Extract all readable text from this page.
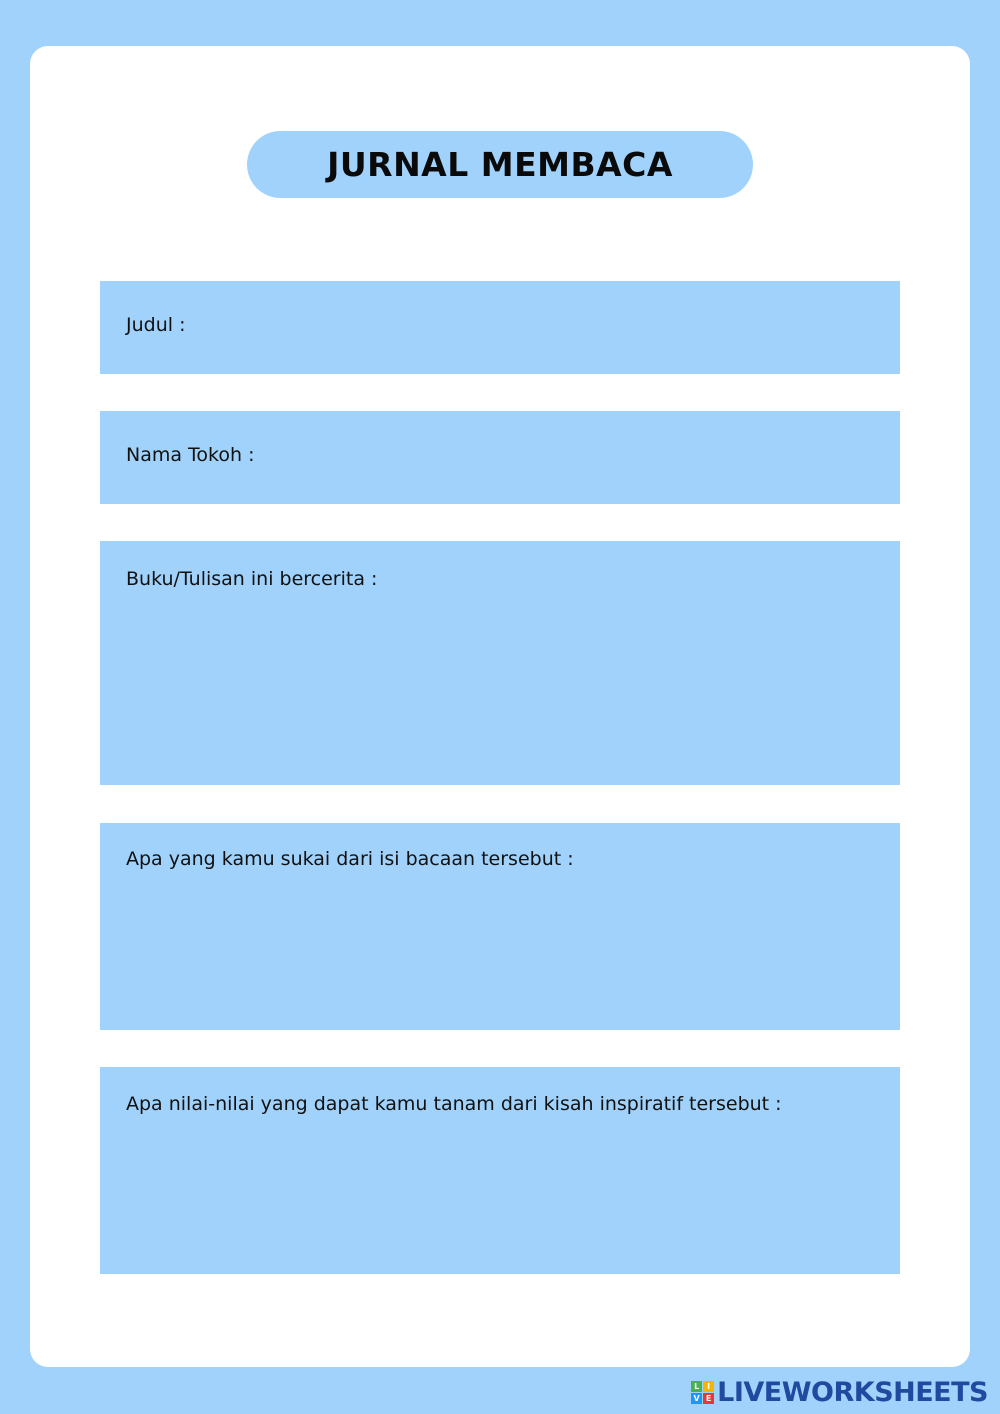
JURNAL MEMBACA
Judul :
Nama Tokoh :
Buku/Tulisan ini bercerita :
Apa yang kamu sukai dari isi bacaan tersebut :
Apa nilai-nilai yang dapat kamu tanam dari kisah inspiratif tersebut :
L I
V E LIVEWORKSHEETS
